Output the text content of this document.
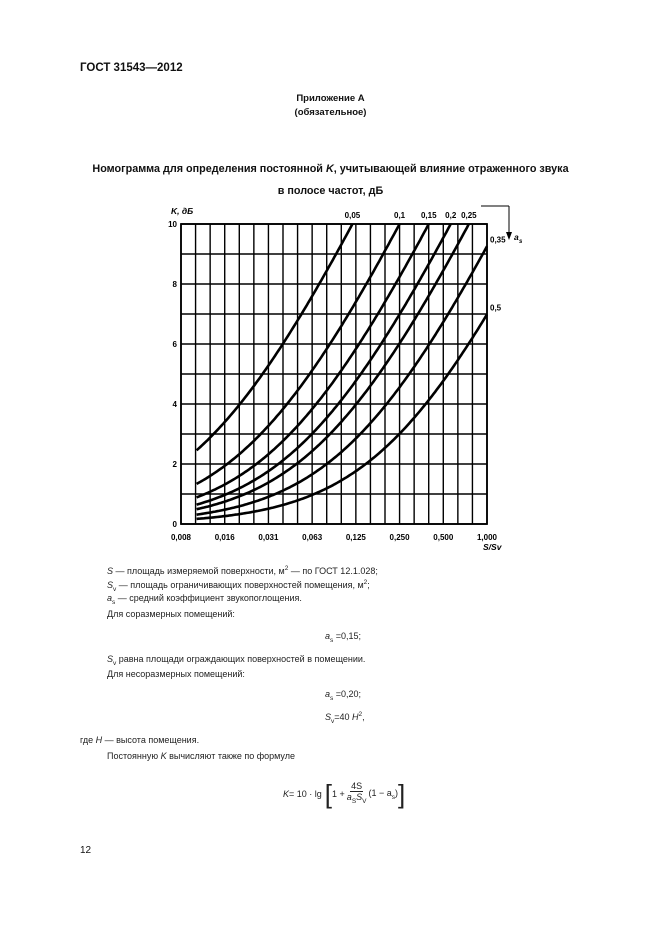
ГОСТ 31543—2012
Приложение А
(обязательное)
Номограмма для определения постоянной K, учитывающей влияние отраженного звука
в полосе частот, дБ
0,008	0,016	0,031	0,063	0,125	0,250	0,500	1,000
0
2
4
6
8
10
K, дБ
S/Sv
0,05	0,1 0,15 0,2 0,25
0,35
0,5
a s
S — площадь измеряемой поверхности, $м^2$ — по ГОСТ 12.1.028;
$S_v$ — площадь ограничивающих поверхностей помещения, $м^2$;
$a_s$ — средний коэффициент звукопоглощения.
Для соразмерных помещений:
$a_s =0,15$;
$S_v$ равна площади ограждающих поверхностей в помещении.
Для несоразмерных помещений:
$a_s =0,20$;
$S_v=40$ $H^2$,
где H — высота помещения.
Постоянную K вычисляют также по формуле
K = 10 · lg [ $1 + \frac{4S}{a_SS_V} (1 - a_s)$ ]
12
